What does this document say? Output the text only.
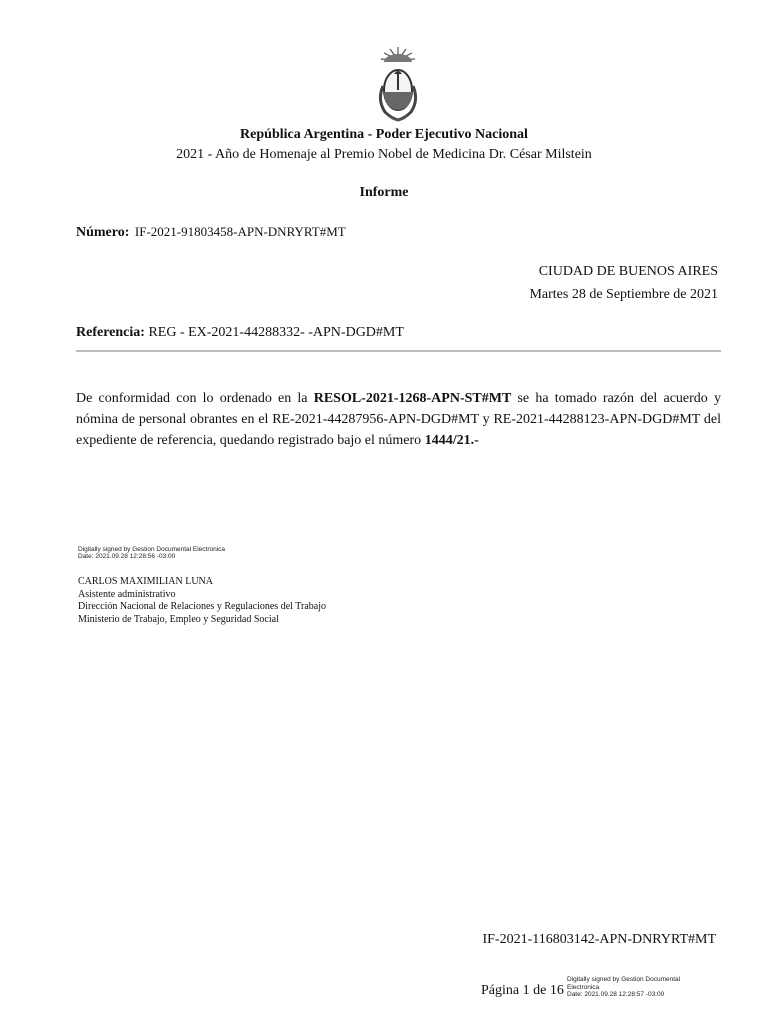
República Argentina - Poder Ejecutivo Nacional
2021 - Año de Homenaje al Premio Nobel de Medicina Dr. César Milstein
Informe
Número: IF-2021-91803458-APN-DNRYRT#MT
CIUDAD DE BUENOS AIRES
Martes 28 de Septiembre de 2021
Referencia: REG - EX-2021-44288332- -APN-DGD#MT
De conformidad con lo ordenado en la RESOL-2021-1268-APN-ST#MT se ha tomado razón del acuerdo y nómina de personal obrantes en el RE-2021-44287956-APN-DGD#MT y RE-2021-44288123-APN-DGD#MT del expediente de referencia, quedando registrado bajo el número 1444/21.-
Digitally signed by Gestion Documental Electronica
Date: 2021.09.28 12:28:56 -03:00
CARLOS MAXIMILIAN LUNA
Asistente administrativo
Dirección Nacional de Relaciones y Regulaciones del Trabajo
Ministerio de Trabajo, Empleo y Seguridad Social
IF-2021-116803142-APN-DNRYRT#MT
Página 1 de 16
Digitally signed by Gestion Documental
Electronica
Date: 2021.09.28 12:28:57 -03:00
